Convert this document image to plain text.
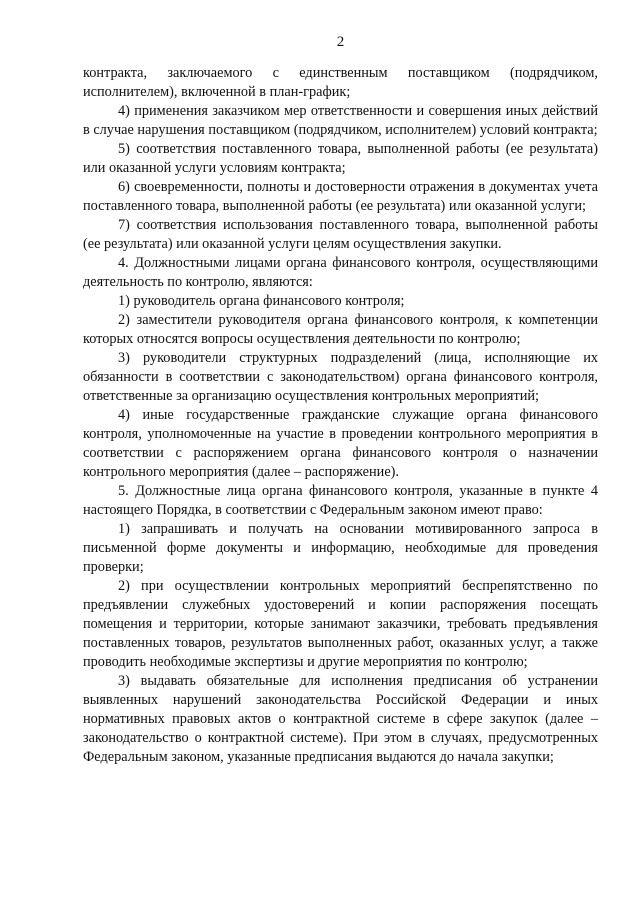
2

контракта, заключаемого с единственным поставщиком (подрядчиком, исполнителем), включенной в план-график;

4) применения заказчиком мер ответственности и совершения иных действий в случае нарушения поставщиком (подрядчиком, исполнителем) условий контракта;

5) соответствия поставленного товара, выполненной работы (ее результата) или оказанной услуги условиям контракта;

6) своевременности, полноты и достоверности отражения в документах учета поставленного товара, выполненной работы (ее результата) или оказанной услуги;

7) соответствия использования поставленного товара, выполненной работы (ее результата) или оказанной услуги целям осуществления закупки.

4. Должностными лицами органа финансового контроля, осуществляющими деятельность по контролю, являются:

1) руководитель органа финансового контроля;

2) заместители руководителя органа финансового контроля, к компетенции которых относятся вопросы осуществления деятельности по контролю;

3) руководители структурных подразделений (лица, исполняющие их обязанности в соответствии с законодательством) органа финансового контроля, ответственные за организацию осуществления контрольных мероприятий;

4) иные государственные гражданские служащие органа финансового контроля, уполномоченные на участие в проведении контрольного мероприятия в соответствии с распоряжением органа финансового контроля о назначении контрольного мероприятия (далее – распоряжение).

5. Должностные лица органа финансового контроля, указанные в пункте 4 настоящего Порядка, в соответствии с Федеральным законом имеют право:

1) запрашивать и получать на основании мотивированного запроса в письменной форме документы и информацию, необходимые для проведения проверки;

2) при осуществлении контрольных мероприятий беспрепятственно по предъявлении служебных удостоверений и копии распоряжения посещать помещения и территории, которые занимают заказчики, требовать предъявления поставленных товаров, результатов выполненных работ, оказанных услуг, а также проводить необходимые экспертизы и другие мероприятия по контролю;

3) выдавать обязательные для исполнения предписания об устранении выявленных нарушений законодательства Российской Федерации и иных нормативных правовых актов о контрактной системе в сфере закупок (далее – законодательство о контрактной системе). При этом в случаях, предусмотренных Федеральным законом, указанные предписания выдаются до начала закупки;
